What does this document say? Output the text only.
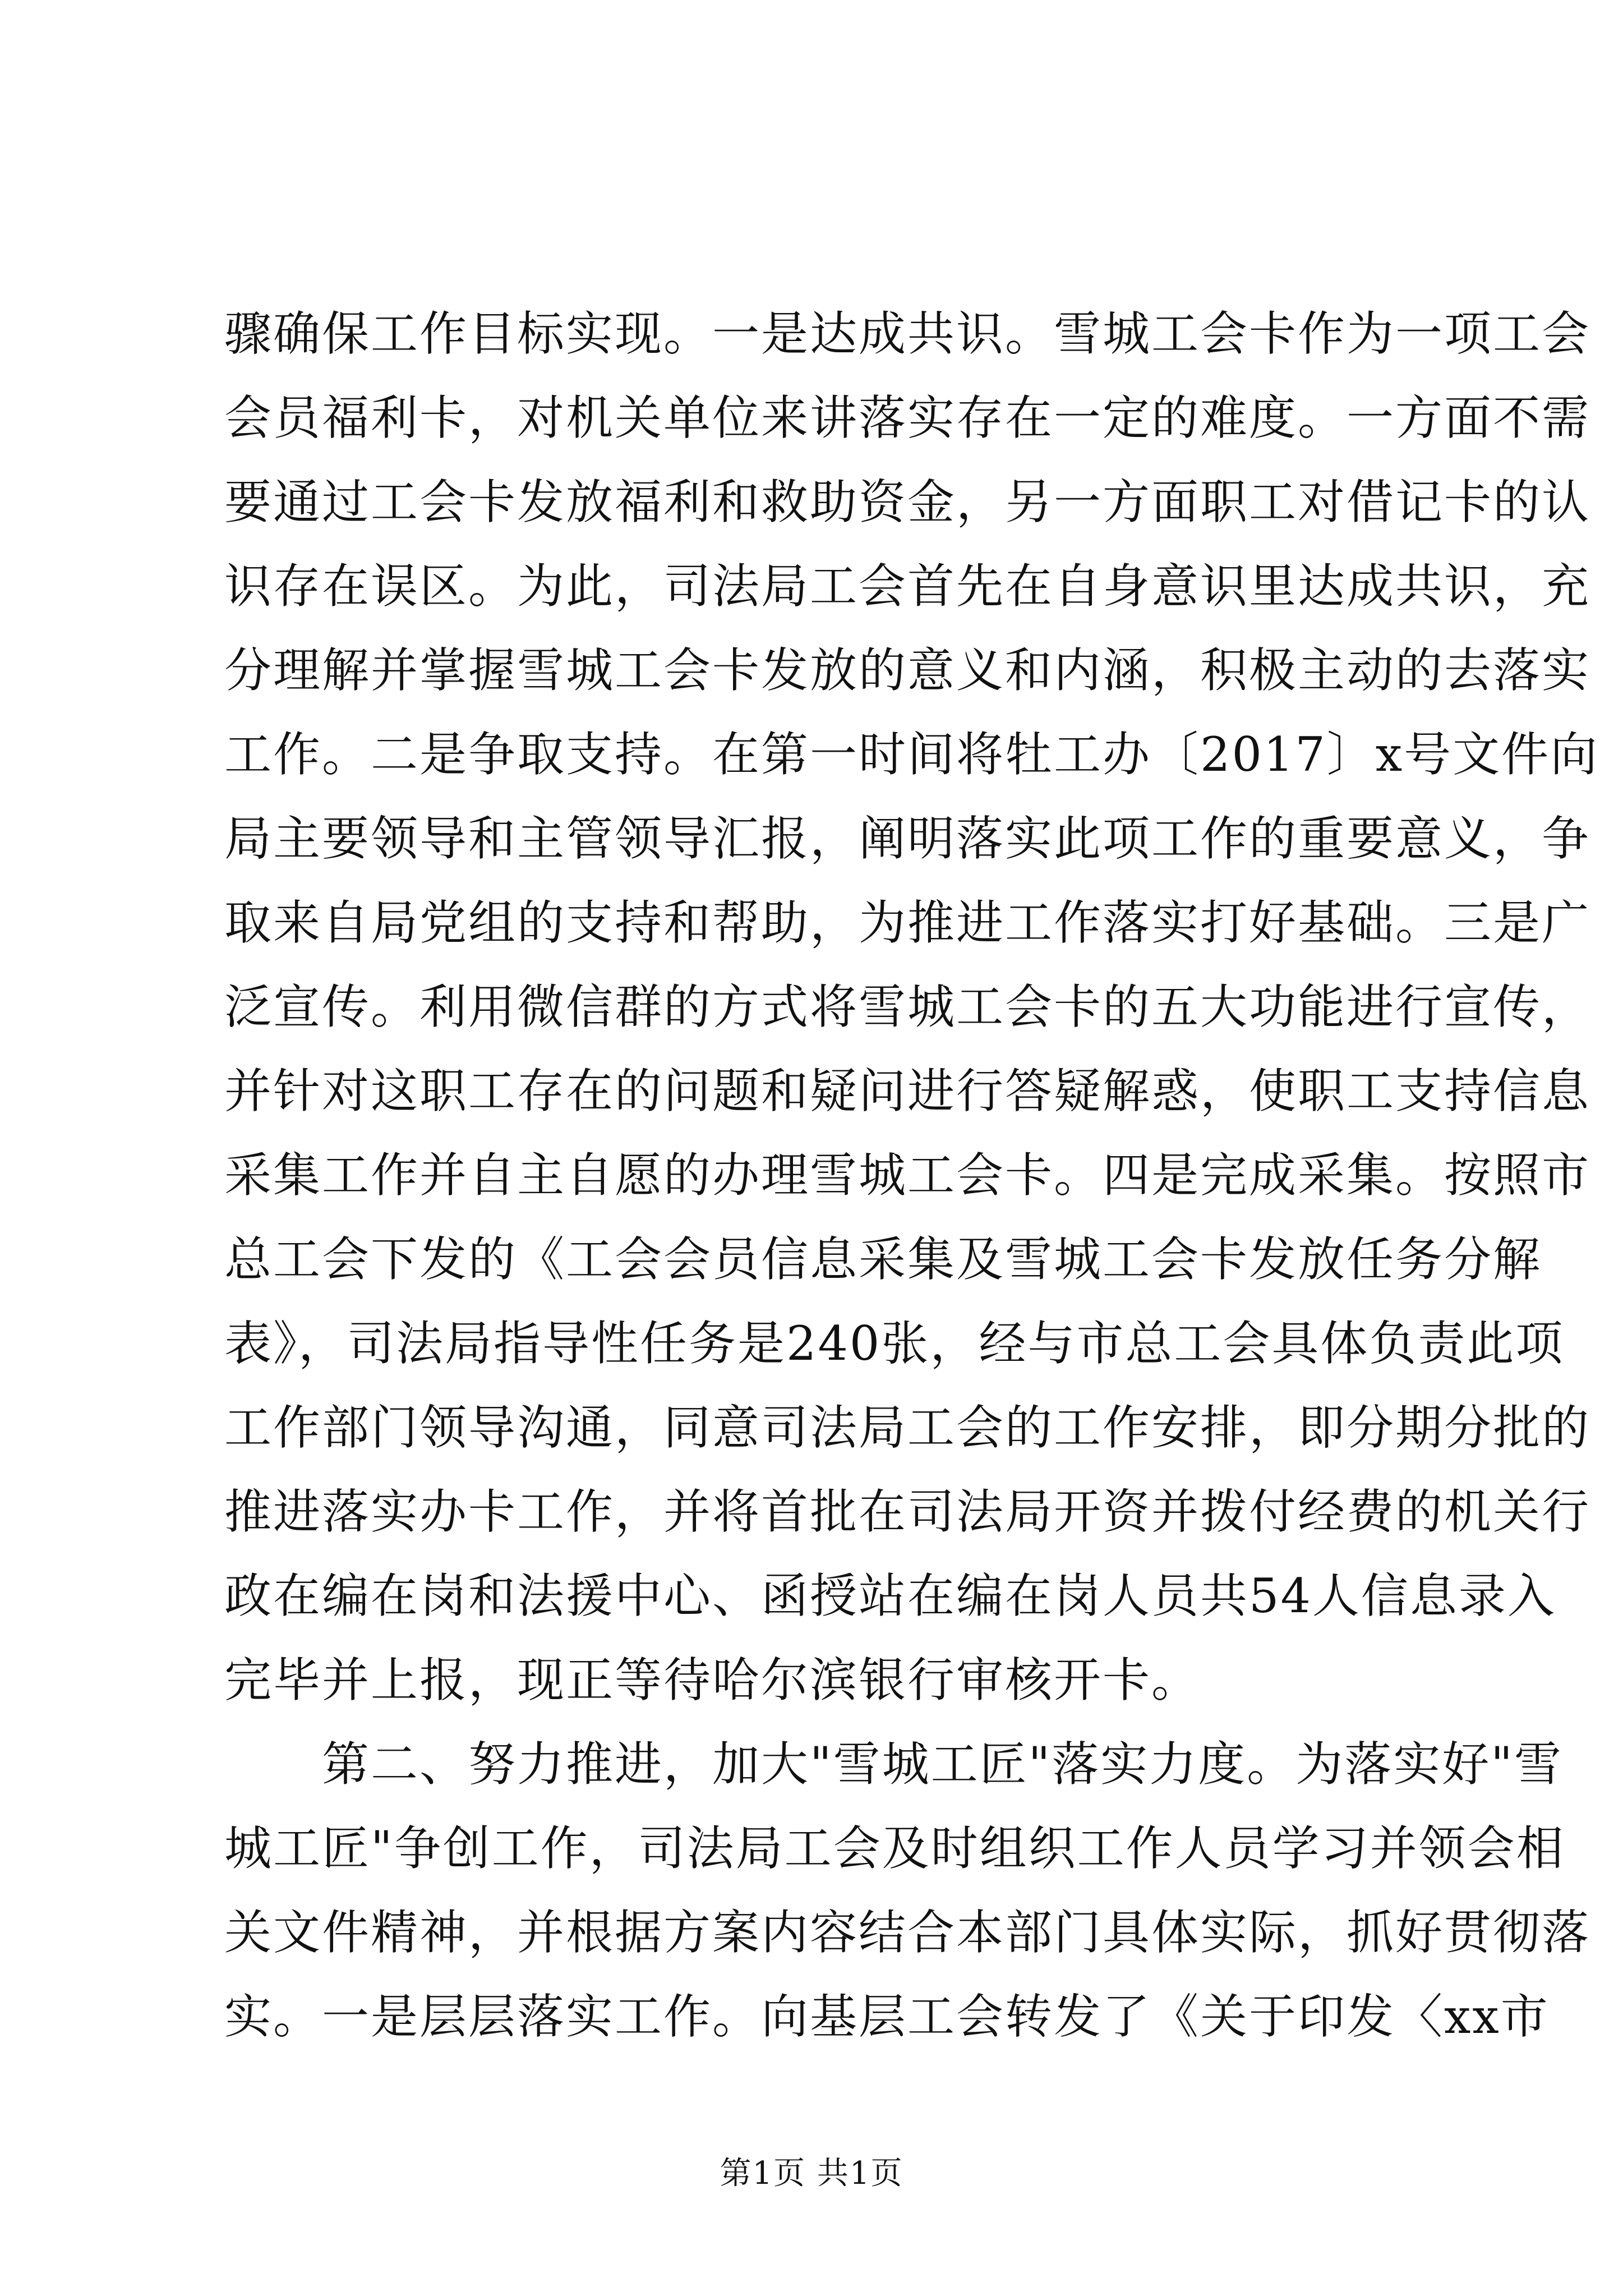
骤确保工作目标实现。一是达成共识。雪城工会卡作为一项工会
会员福利卡，对机关单位来讲落实存在一定的难度。一方面不需
要通过工会卡发放福利和救助资金，另一方面职工对借记卡的认
识存在误区。为此，司法局工会首先在自身意识里达成共识，充
分理解并掌握雪城工会卡发放的意义和内涵，积极主动的去落实
工作。二是争取支持。在第一时间将牡工办〔2017〕x号文件向
局主要领导和主管领导汇报，阐明落实此项工作的重要意义，争
取来自局党组的支持和帮助，为推进工作落实打好基础。三是广
泛宣传。利用微信群的方式将雪城工会卡的五大功能进行宣传，
并针对这职工存在的问题和疑问进行答疑解惑，使职工支持信息
采集工作并自主自愿的办理雪城工会卡。四是完成采集。按照市
总工会下发的《工会会员信息采集及雪城工会卡发放任务分解
表》，司法局指导性任务是240张，经与市总工会具体负责此项
工作部门领导沟通，同意司法局工会的工作安排，即分期分批的
推进落实办卡工作，并将首批在司法局开资并拨付经费的机关行
政在编在岗和法援中心、函授站在编在岗人员共54人信息录入
完毕并上报，现正等待哈尔滨银行审核开卡。
　　第二、努力推进，加大"雪城工匠"落实力度。为落实好"雪
城工匠"争创工作，司法局工会及时组织工作人员学习并领会相
关文件精神，并根据方案内容结合本部门具体实际，抓好贯彻落
实。一是层层落实工作。向基层工会转发了《关于印发〈xx市
第1页 共1页
